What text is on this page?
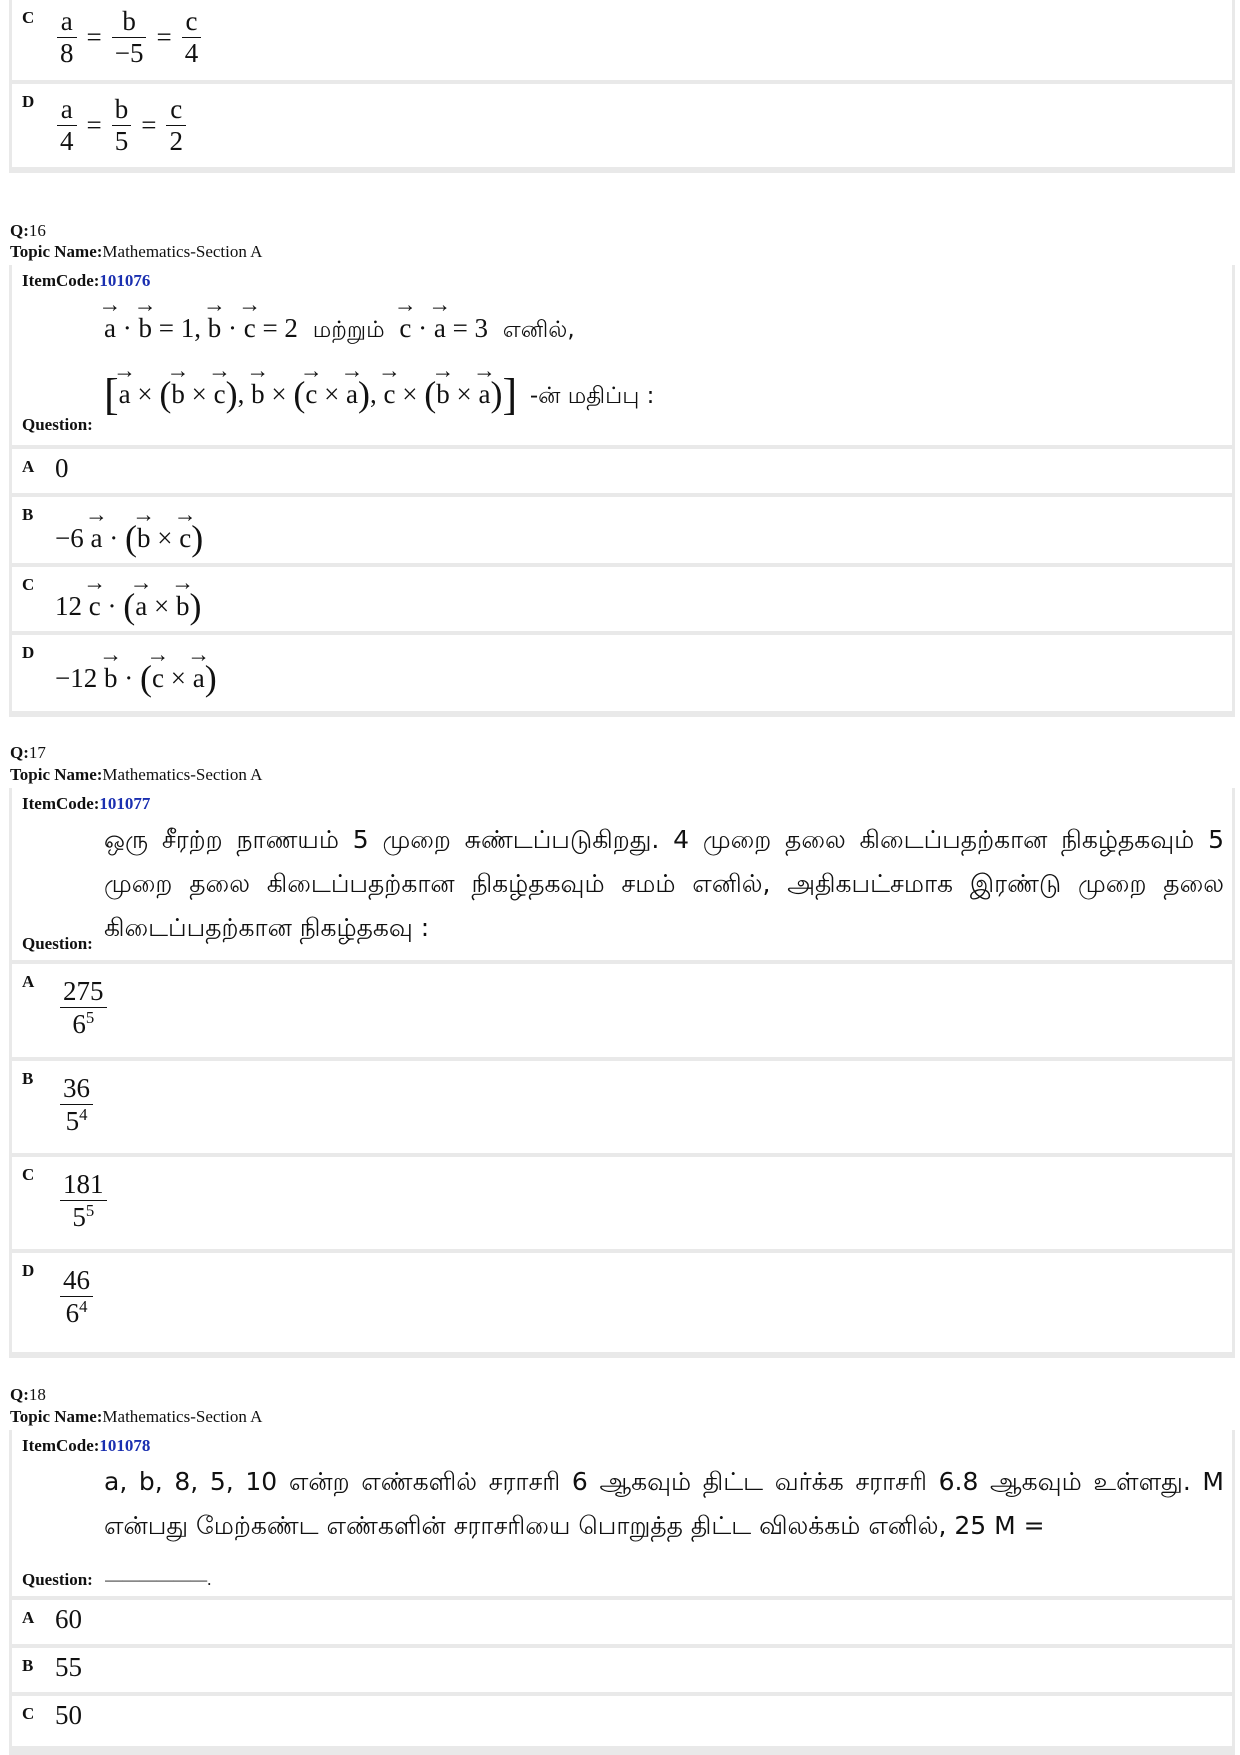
C $\frac{a}{8} = \frac{b}{-5} = \frac{c}{4}$
D $\frac{a}{4} = \frac{b}{5} = \frac{c}{2}$
Q:16
Topic Name:Mathematics-Section A
ItemCode:101076
→ a · → b = 1, → b · → c = 2 மற்றும் → c · → a = 3 எனில்,
[→ a × (→ b × → c), → b × (→ c × → a), → c × (→ b × → a)] -ன் மதிப்பு :
Question:
A 0
B
−6 → a · (→ b × → c)
C
12 → c · (→ a × → b)
D
−12 → b · (→ c × → a)
Q:17
Topic Name:Mathematics-Section A
ItemCode:101077
ஒரு சீரற்ற நாணயம் 5 முறை சுண்டப்படுகிறது. 4 முறை தலை கிடைப்பதற்கான நிகழ்தகவும் 5 முறை தலை கிடைப்பதற்கான நிகழ்தகவும் சமம் எனில், அதிகபட்சமாக இரண்டு முறை தலை கிடைப்பதற்கான நிகழ்தகவு :
Question:
A $\frac{275}{6^5}$
B $\frac{36}{5^4}$
C $\frac{181}{5^5}$
D $\frac{46}{6^4}$
Q:18
Topic Name:Mathematics-Section A
ItemCode:101078
a, b, 8, 5, 10 என்ற எண்களில் சராசரி 6 ஆகவும் திட்ட வர்க்க சராசரி 6.8 ஆகவும் உள்ளது. M என்பது மேற்கண்ட எண்களின் சராசரியை பொறுத்த திட்ட விலக்கம் எனில், 25 M =
Question: ——————.
A 60
B 55
C 50
